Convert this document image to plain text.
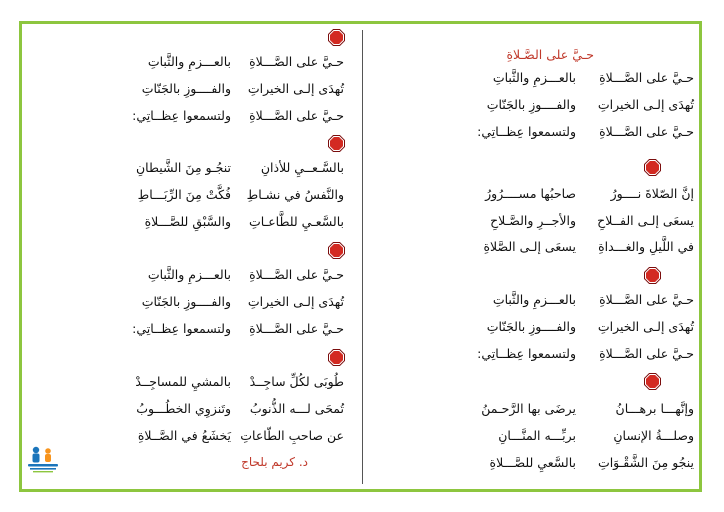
حـيَّ على الصَّـلاةِ
حـيَّ على الصَّـــلاةِ
بالعـــزمِ والثَّباتِ
تُهدَى إلـى الخيراتِ
والفــــوزِ بالجَنّاتِ
حـيَّ على الصَّـــلاةِ
ولتسمعوا عِظــاتِي:
إنَّ الصّلاةَ نــــورُ
صاحبُها مســــرُورُ
يسعَى إلـى الفــلاحِ
والأجــرِ والصَّـلاحِ
في اللَّيلِ والغـــداةِ
يسعَى إلـى الصَّلاةِ
حـيَّ على الصَّـــلاةِ
بالعـــزمِ والثَّباتِ
تُهدَى إلـى الخيراتِ
والفــــوزِ بالجَنّاتِ
حـيَّ على الصَّـــلاةِ
ولتسمعوا عِظــاتِي:
وإنَّهـــا برهـــانُ
يرضَى بها الرَّحـمنُ
وصلـــةُ الإنسانِ
بربِّـــه المنَّـــانِ
ينجُو مِنَ الشَّقْـوَاتِ
بالسَّعيِ للصَّـــلاةِ
حـيَّ على الصَّـــلاةِ
بالعـــزمِ والثَّباتِ
تُهدَى إلـى الخيراتِ
والفــــوزِ بالجَنّاتِ
حـيَّ على الصَّـــلاةِ
ولتسمعوا عِظــاتِي:
بالسَّـعــيِ للأذانِ
تنجُـو مِنَ الشَّيطانِ
والنَّفسُ في نشـاطِ
فُكَّتْ مِنَ الرِّبَـــاطِ
بالسَّعـيِ للطَّاعـاتِ
والسَّبْقِ للصَّـــلاةِ
حـيَّ على الصَّـــلاةِ
بالعـــزمِ والثَّباتِ
تُهدَى إلـى الخيراتِ
والفــــوزِ بالجَنّاتِ
حـيَّ على الصَّـــلاةِ
ولتسمعوا عِظــاتِي:
طُوبَى لكُلِّ ساجِــدْ
بالمشيِ للمساجِــدْ
تُمحَى لـــه الذُّنوبُ
وتَنزوِي الخطُـــوبُ
عن صاحبِ الطّاعاتِ
يَخشَعُ في الصَّــلاةِ
د. كريم بلحاج
